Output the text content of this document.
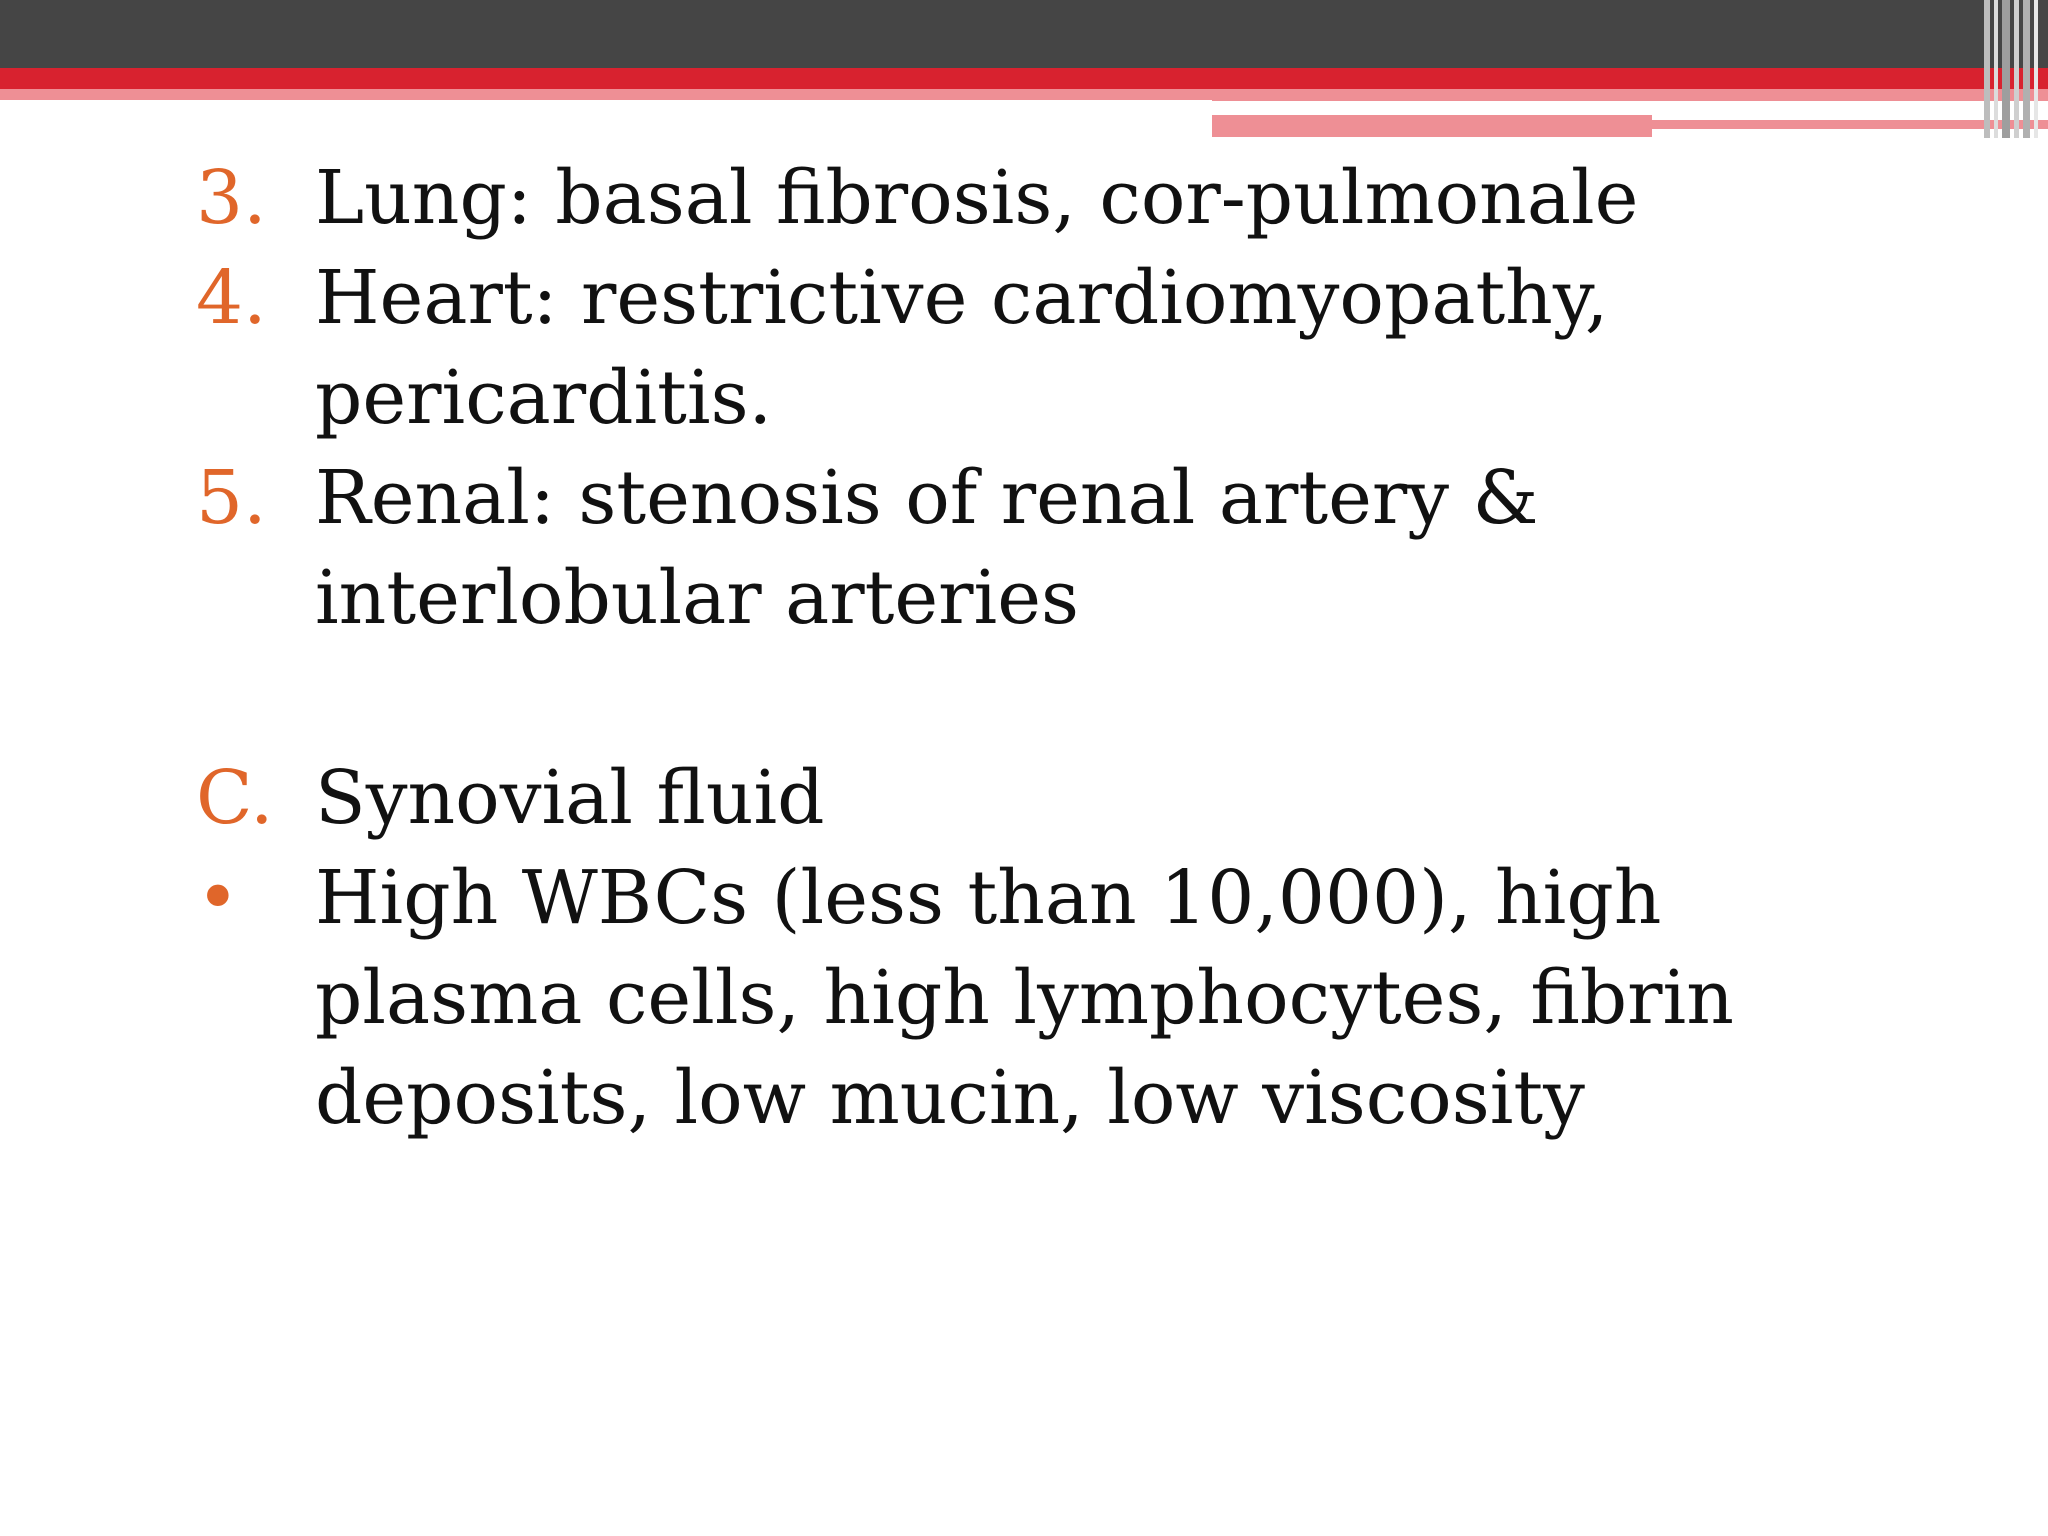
3. Lung: basal fibrosis, cor-pulmonale
4. Heart: restrictive cardiomyopathy, pericarditis.
5. Renal: stenosis of renal artery & interlobular arteries
C. Synovial fluid
•	High WBCs (less than 10,000), high plasma cells, high lymphocytes, fibrin deposits, low mucin, low viscosity
